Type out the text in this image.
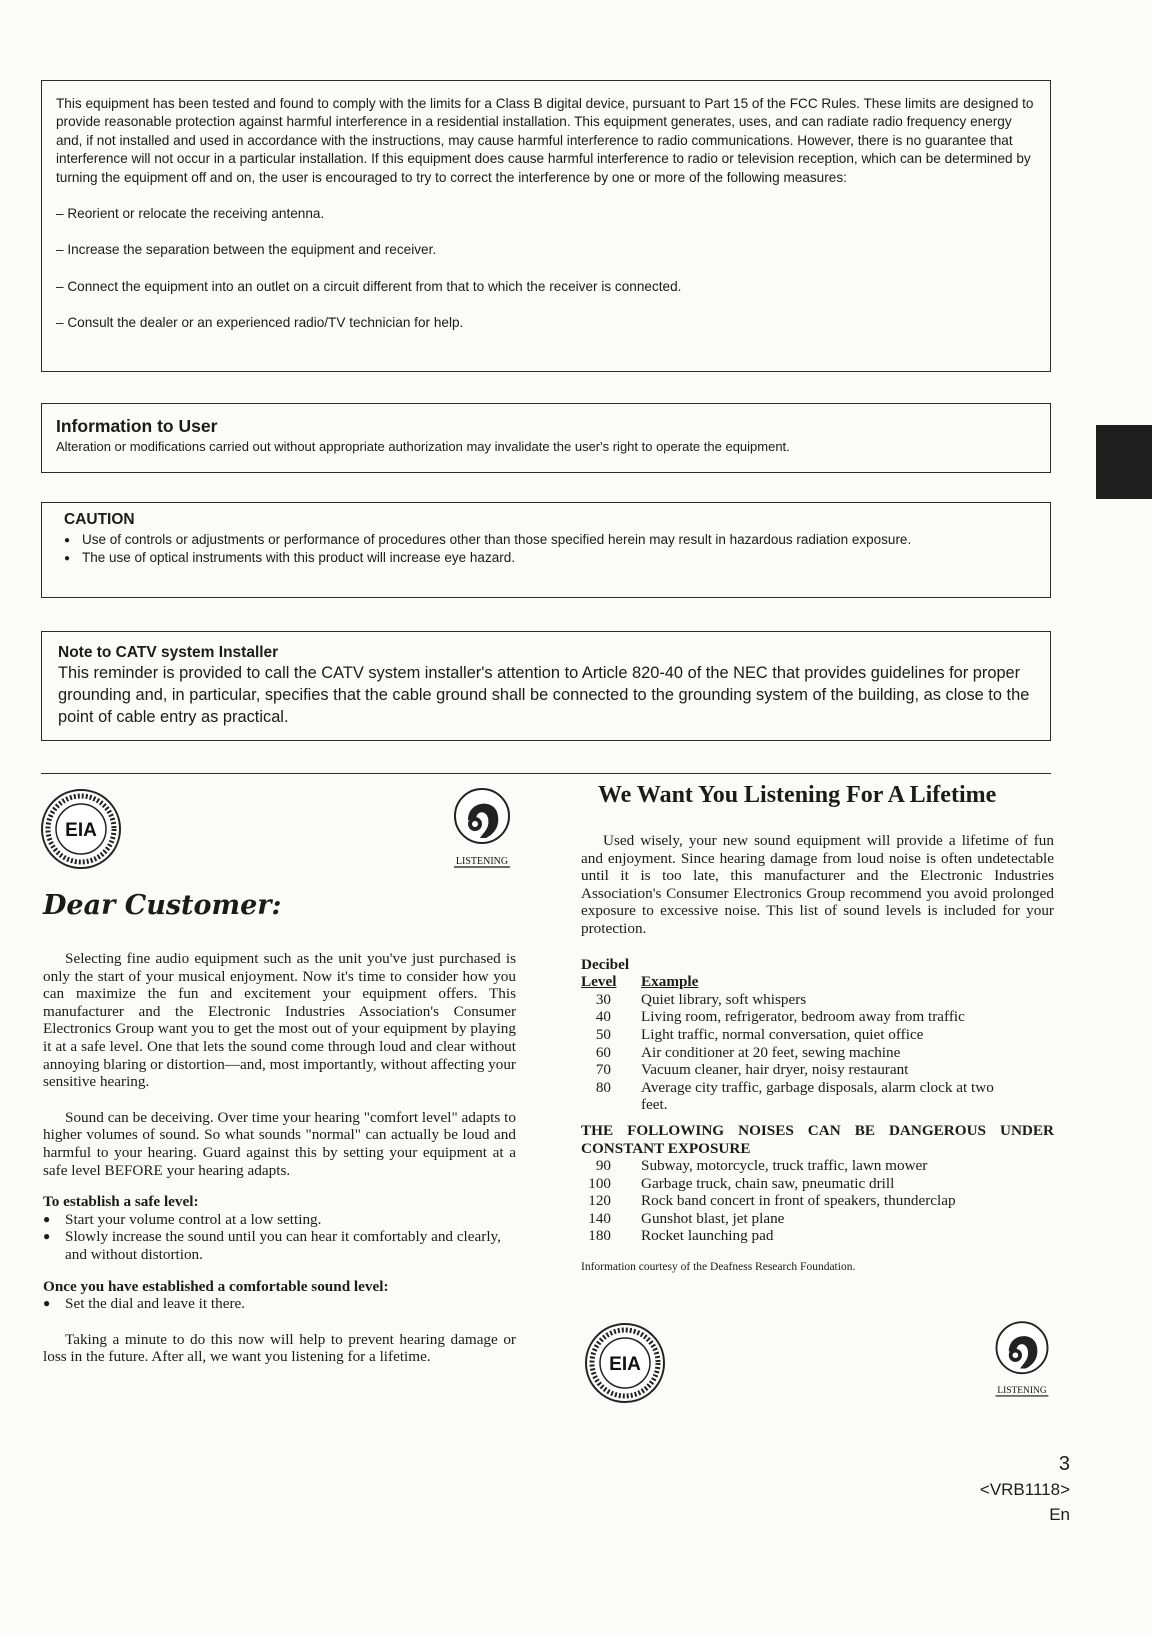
This equipment has been tested and found to comply with the limits for a Class B digital device, pursuant to Part 15 of the FCC Rules. These limits are designed to provide reasonable protection against harmful interference in a residential installation. This equipment generates, uses, and can radiate radio frequency energy and, if not installed and used in accordance with the instructions, may cause harmful interference to radio communications. However, there is no guarantee that interference will not occur in a particular installation. If this equipment does cause harmful interference to radio or television reception, which can be determined by turning the equipment off and on, the user is encouraged to try to correct the interference by one or more of the following measures:

– Reorient or relocate the receiving antenna.

– Increase the separation between the equipment and receiver.

– Connect the equipment into an outlet on a circuit different from that to which the receiver is connected.

– Consult the dealer or an experienced radio/TV technician for help.

Information to User

Alteration or modifications carried out without appropriate authorization may invalidate the user's right to operate the equipment.

CAUTION
● Use of controls or adjustments or performance of procedures other than those specified herein may result in hazardous radiation exposure.
● The use of optical instruments with this product will increase eye hazard.
Note to CATV system Installer

This reminder is provided to call the CATV system installer's attention to Article 820-40 of the NEC that provides guidelines for proper grounding and, in particular, specifies that the cable ground shall be connected to the grounding system of the building, as close to the point of cable entry as practical.

EIA
LISTENING
Dear Customer:

Selecting fine audio equipment such as the unit you've just purchased is only the start of your musical enjoyment. Now it's time to consider how you can maximize the fun and excitement your equipment offers. This manufacturer and the Electronic Industries Association's Consumer Electronics Group want you to get the most out of your equipment by playing it at a safe level. One that lets the sound come through loud and clear without annoying blaring or distortion—and, most importantly, without affecting your sensitive hearing.

Sound can be deceiving. Over time your hearing "comfort level" adapts to higher volumes of sound. So what sounds "normal" can actually be loud and harmful to your hearing. Guard against this by setting your equipment at a safe level BEFORE your hearing adapts.

To establish a safe level:
● Start your volume control at a low setting.
● Slowly increase the sound until you can hear it comfortably and clearly, and without distortion.
Once you have established a comfortable sound level:
● Set the dial and leave it there.

Taking a minute to do this now will help to prevent hearing damage or loss in the future. After all, we want you listening for a lifetime.

We Want You Listening For A Lifetime

Used wisely, your new sound equipment will provide a lifetime of fun and enjoyment. Since hearing damage from loud noise is often undetectable until it is too late, this manufacturer and the Electronic Industries Association's Consumer Electronics Group recommend you avoid prolonged exposure to excessive noise. This list of sound levels is included for your protection.

Decibel
Level	Example
30	Quiet library, soft whispers
40	Living room, refrigerator, bedroom away from traffic
50	Light traffic, normal conversation, quiet office
60	Air conditioner at 20 feet, sewing machine
70	Vacuum cleaner, hair dryer, noisy restaurant
80	Average city traffic, garbage disposals, alarm clock at two feet.
THE FOLLOWING NOISES CAN BE DANGEROUS UNDER CONSTANT EXPOSURE
90	Subway, motorcycle, truck traffic, lawn mower
100	Garbage truck, chain saw, pneumatic drill
120	Rock band concert in front of speakers, thunderclap
140	Gunshot blast, jet plane
180	Rocket launching pad
Information courtesy of the Deafness Research Foundation.
EIA
LISTENING
3
<VRB1118>
En
